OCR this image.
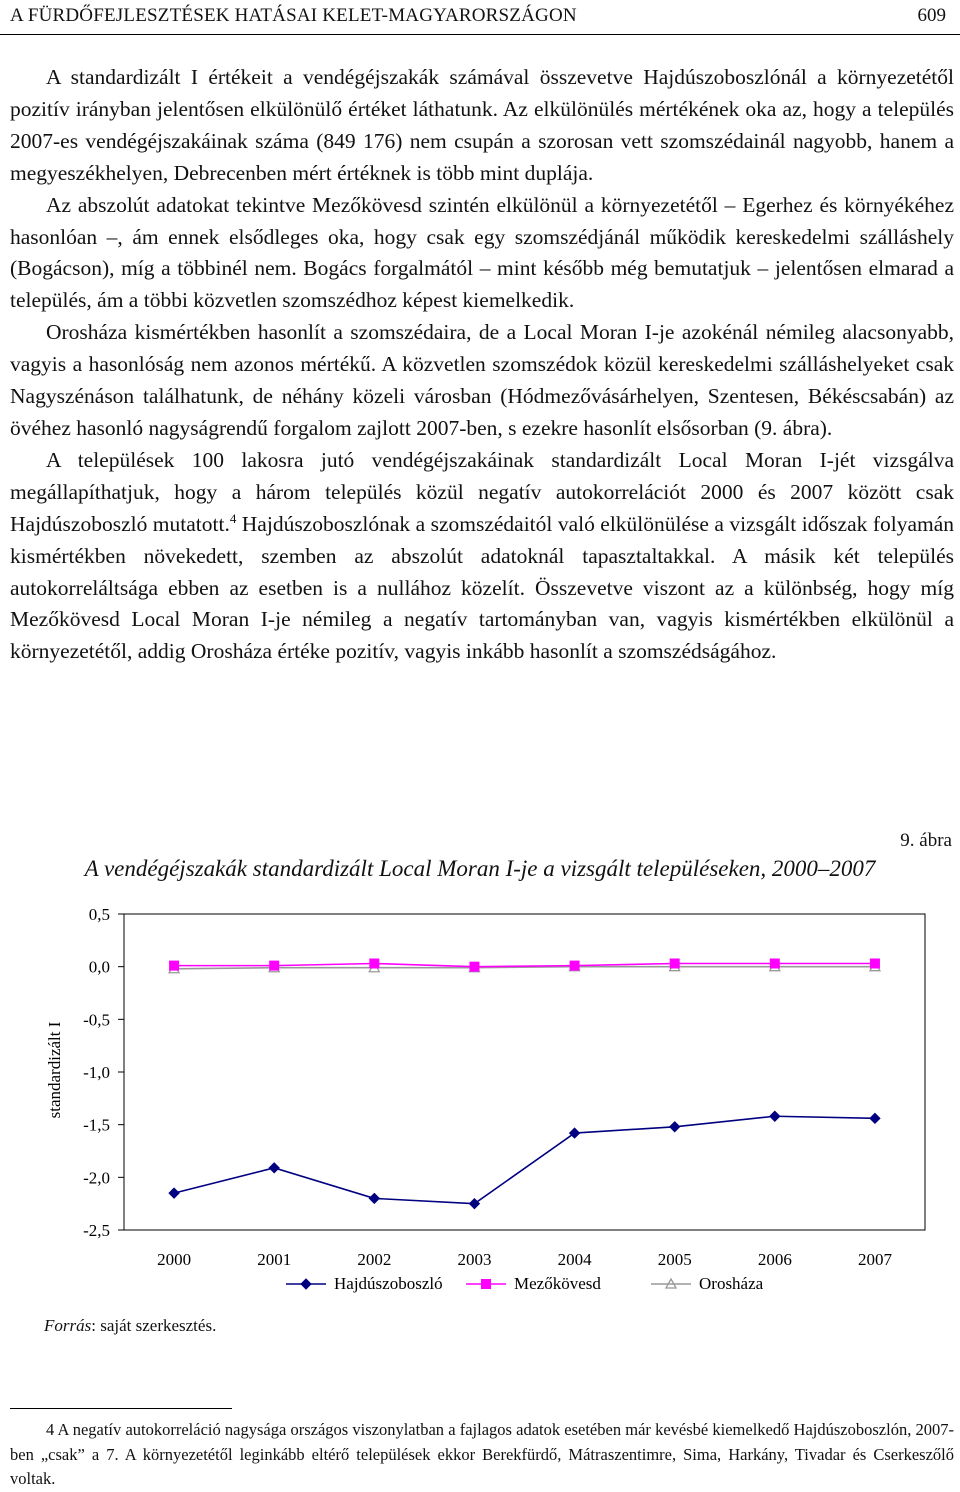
A FÜRDŐFEJLESZTÉSEK HATÁSAI KELET-MAGYARORSZÁGON	609

A standardizált I értékeit a vendégéjszakák számával összevetve Hajdúszoboszlónál a környezetétől pozitív irányban jelentősen elkülönülő értéket láthatunk. Az elkülönülés mértékének oka az, hogy a település 2007-es vendégéjszakáinak száma (849 176) nem csupán a szorosan vett szomszédainál nagyobb, hanem a megyeszékhelyen, Debrecenben mért értéknek is több mint duplája.

Az abszolút adatokat tekintve Mezőkövesd szintén elkülönül a környezetétől – Egerhez és környékéhez hasonlóan –, ám ennek elsődleges oka, hogy csak egy szomszédjánál működik kereskedelmi szálláshely (Bogácson), míg a többinél nem. Bogács forgalmától – mint később még bemutatjuk – jelentősen elmarad a település, ám a többi közvetlen szomszédhoz képest kiemelkedik.

Orosháza kismértékben hasonlít a szomszédaira, de a Local Moran I-je azokénál némileg alacsonyabb, vagyis a hasonlóság nem azonos mértékű. A közvetlen szomszédok közül kereskedelmi szálláshelyeket csak Nagyszénáson találhatunk, de néhány közeli városban (Hódmezővásárhelyen, Szentesen, Békéscsabán) az övéhez hasonló nagyságrendű forgalom zajlott 2007-ben, s ezekre hasonlít elsősorban (9. ábra).

A települések 100 lakosra jutó vendégéjszakáinak standardizált Local Moran I-jét vizsgálva megállapíthatjuk, hogy a három település közül negatív autokorrelációt 2000 és 2007 között csak Hajdúszoboszló mutatott.$^4$ Hajdúszoboszlónak a szomszédaitól való elkülönülése a vizsgált időszak folyamán kismértékben növekedett, szemben az abszolút adatoknál tapasztaltakkal. A másik két település autokorreláltsága ebben az esetben is a nullához közelít. Összevetve viszont az a különbség, hogy míg Mezőkövesd Local Moran I-je némileg a negatív tartományban van, vagyis kismértékben elkülönül a környezetétől, addig Orosháza értéke pozitív, vagyis inkább hasonlít a szomszédságához.

9. ábra
A vendégéjszakák standardizált Local Moran I-je a vizsgált településeken, 2000–2007
0,5
0,0
-0,5
-1,0
-1,5
-2,0
-2,5
standardizált I
2000	2001	2002	2003	2004	2005	2006	2007
Hajdúszoboszló	Mezőkövesd	Orosháza
Forrás: saját szerkesztés.

4 A negatív autokorreláció nagysága országos viszonylatban a fajlagos adatok esetében már kevésbé kiemelkedő Hajdúszoboszlón, 2007-ben „csak” a 7. A környezetétől leginkább eltérő települések ekkor Berekfürdő, Mátraszentimre, Sima, Harkány, Tivadar és Cserkeszőlő voltak.
